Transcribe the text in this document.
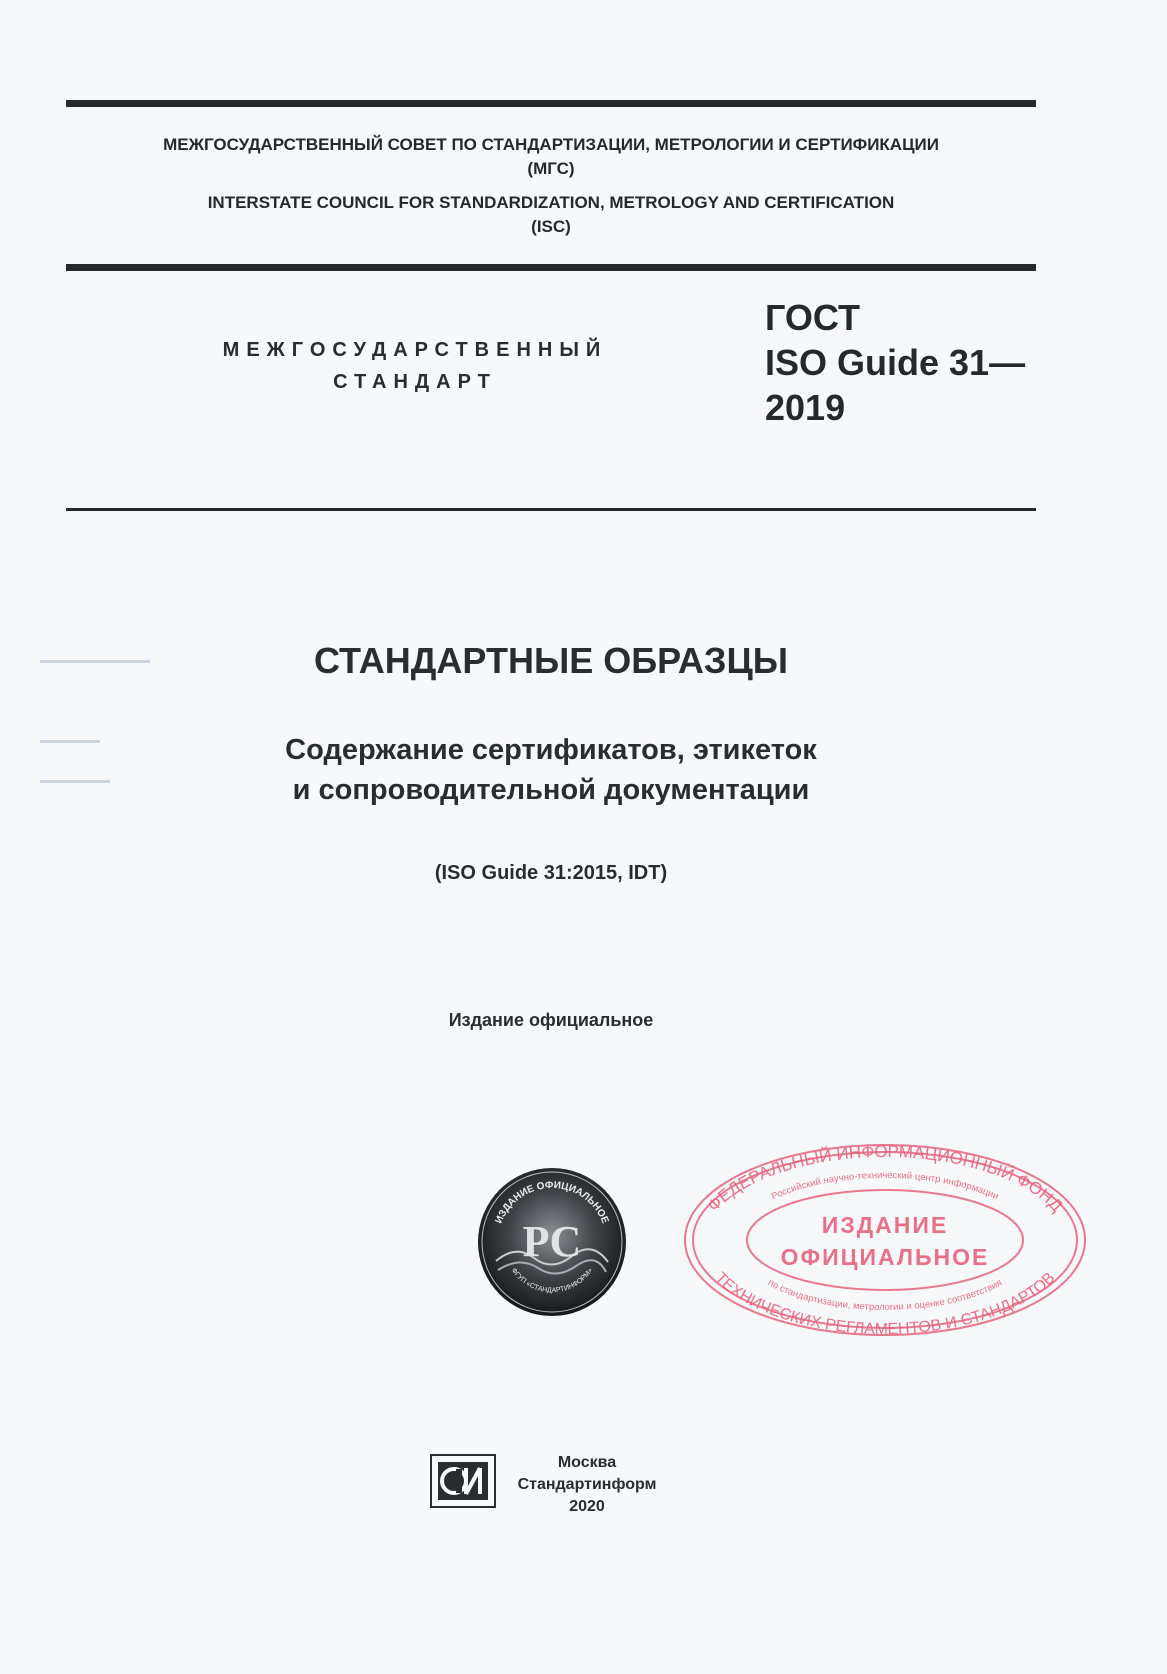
МЕЖГОСУДАРСТВЕННЫЙ СОВЕТ ПО СТАНДАРТИЗАЦИИ, МЕТРОЛОГИИ И СЕРТИФИКАЦИИ
(МГС)
INTERSTATE COUNCIL FOR STANDARDIZATION, METROLOGY AND CERTIFICATION
(ISC)
МЕЖГОСУДАРСТВЕННЫЙ
СТАНДАРТ
ГОСТ
ISO Guide 31—
2019
СТАНДАРТНЫЕ ОБРАЗЦЫ
Содержание сертификатов, этикеток
и сопроводительной документации
(ISO Guide 31:2015, IDT)
Издание официальное
PC
ИЗДАНИЕ ОФИЦИАЛЬНОЕ
ФГУП «СТАНДАРТИНФОРМ»
ФЕДЕРАЛЬНЫЙ ИНФОРМАЦИОННЫЙ ФОНД
Российский научно-технический центр информации
ИЗДАНИЕ
ОФИЦИАЛЬНОЕ
по стандартизации, метрологии и оценке соответствия
ТЕХНИЧЕСКИХ РЕГЛАМЕНТОВ И СТАНДАРТОВ
Москва
Стандартинформ
2020
